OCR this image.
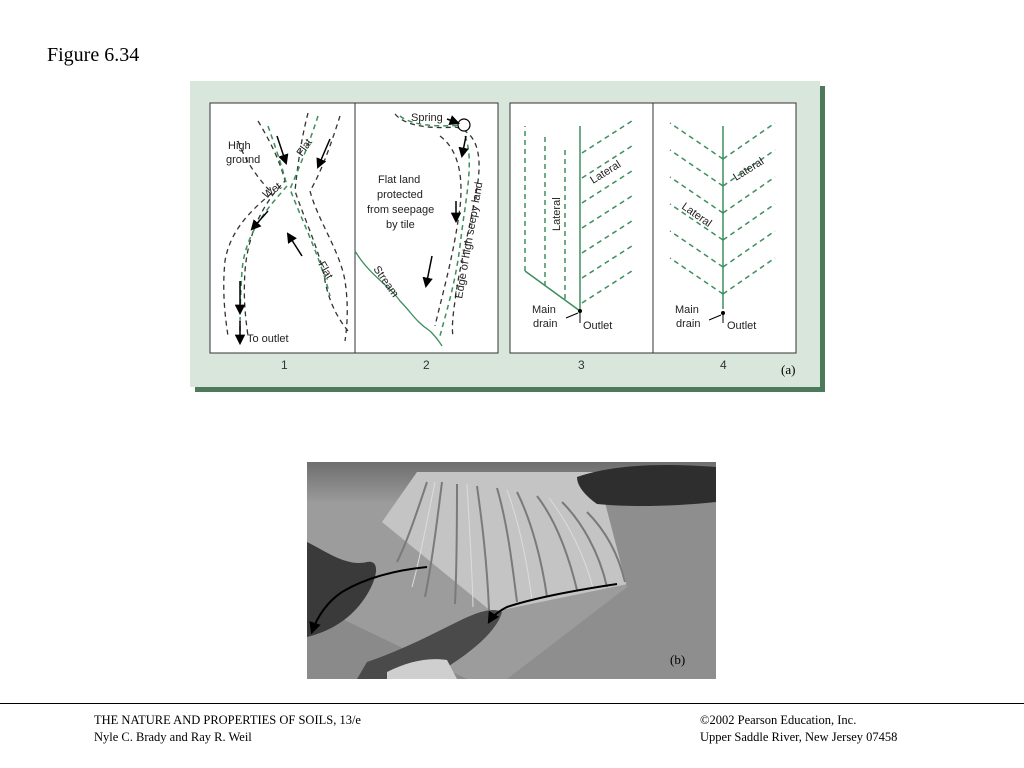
Figure 6.34
High
ground
Flat
Wet
Flat
To outlet
Spring
Flat land
protected
from seepage
by tile
Stream	Edge of high seepy land	Lateral
Lateral
Main
drain Outlet
Lateral
Lateral
Main
drain Outlet
1	2	3	4	(a)
(b)
THE NATURE AND PROPERTIES OF SOILS, 13/e
Nyle C. Brady and Ray R. Weil
©2002 Pearson Education, Inc.
Upper Saddle River, New Jersey 07458
